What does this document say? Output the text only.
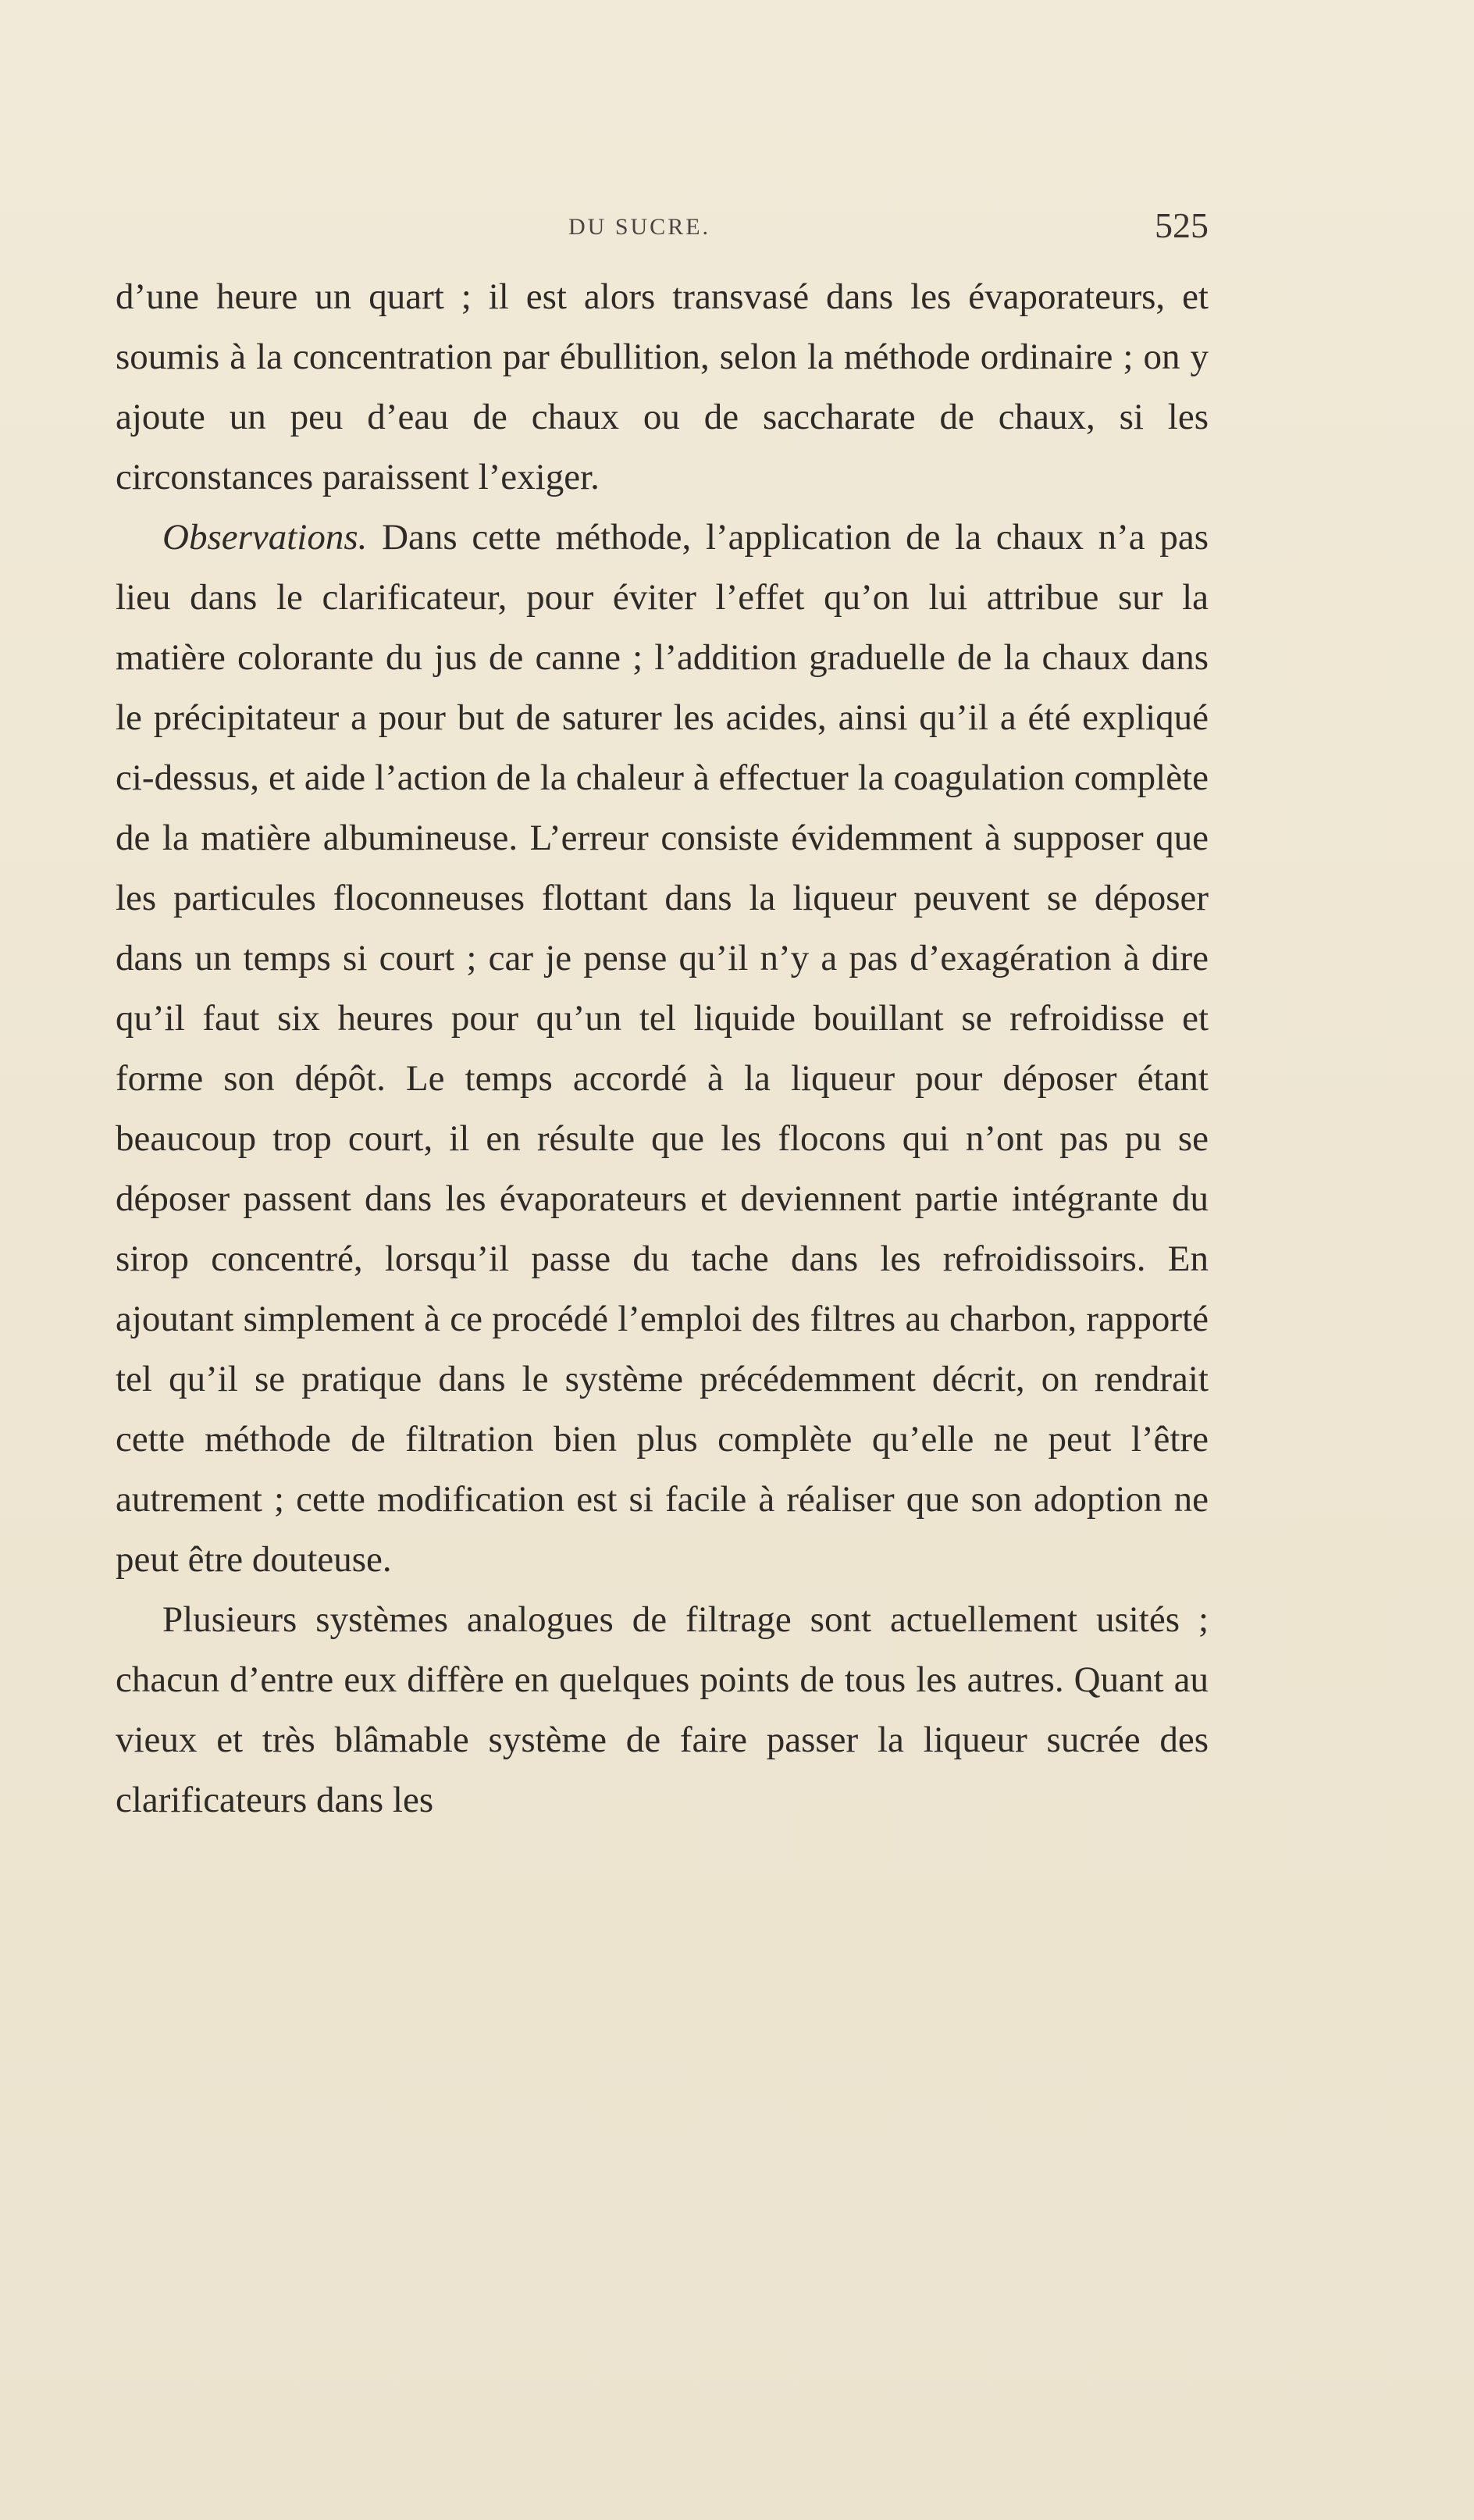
DU SUCRE.	525

d’une heure un quart ; il est alors transvasé dans les évaporateurs, et soumis à la concentration par ébullition, selon la méthode ordinaire ; on y ajoute un peu d’eau de chaux ou de saccharate de chaux, si les circonstances paraissent l’exiger.

Observations. Dans cette méthode, l’application de la chaux n’a pas lieu dans le clarificateur, pour éviter l’effet qu’on lui attribue sur la matière colorante du jus de canne ; l’addition graduelle de la chaux dans le précipitateur a pour but de saturer les acides, ainsi qu’il a été expliqué ci-dessus, et aide l’action de la chaleur à effectuer la coagulation complète de la matière albumineuse. L’erreur consiste évidemment à supposer que les particules floconneuses flottant dans la liqueur peuvent se déposer dans un temps si court ; car je pense qu’il n’y a pas d’exagération à dire qu’il faut six heures pour qu’un tel liquide bouillant se refroidisse et forme son dépôt. Le temps accordé à la liqueur pour déposer étant beaucoup trop court, il en résulte que les flocons qui n’ont pas pu se déposer passent dans les évaporateurs et deviennent partie intégrante du sirop concentré, lorsqu’il passe du tache dans les refroidissoirs. En ajoutant simplement à ce procédé l’emploi des filtres au charbon, rapporté tel qu’il se pratique dans le système précédemment décrit, on rendrait cette méthode de filtration bien plus complète qu’elle ne peut l’être autrement ; cette modification est si facile à réaliser que son adoption ne peut être douteuse.

Plusieurs systèmes analogues de filtrage sont actuellement usités ; chacun d’entre eux diffère en quelques points de tous les autres. Quant au vieux et très blâmable système de faire passer la liqueur sucrée des clarificateurs dans les
